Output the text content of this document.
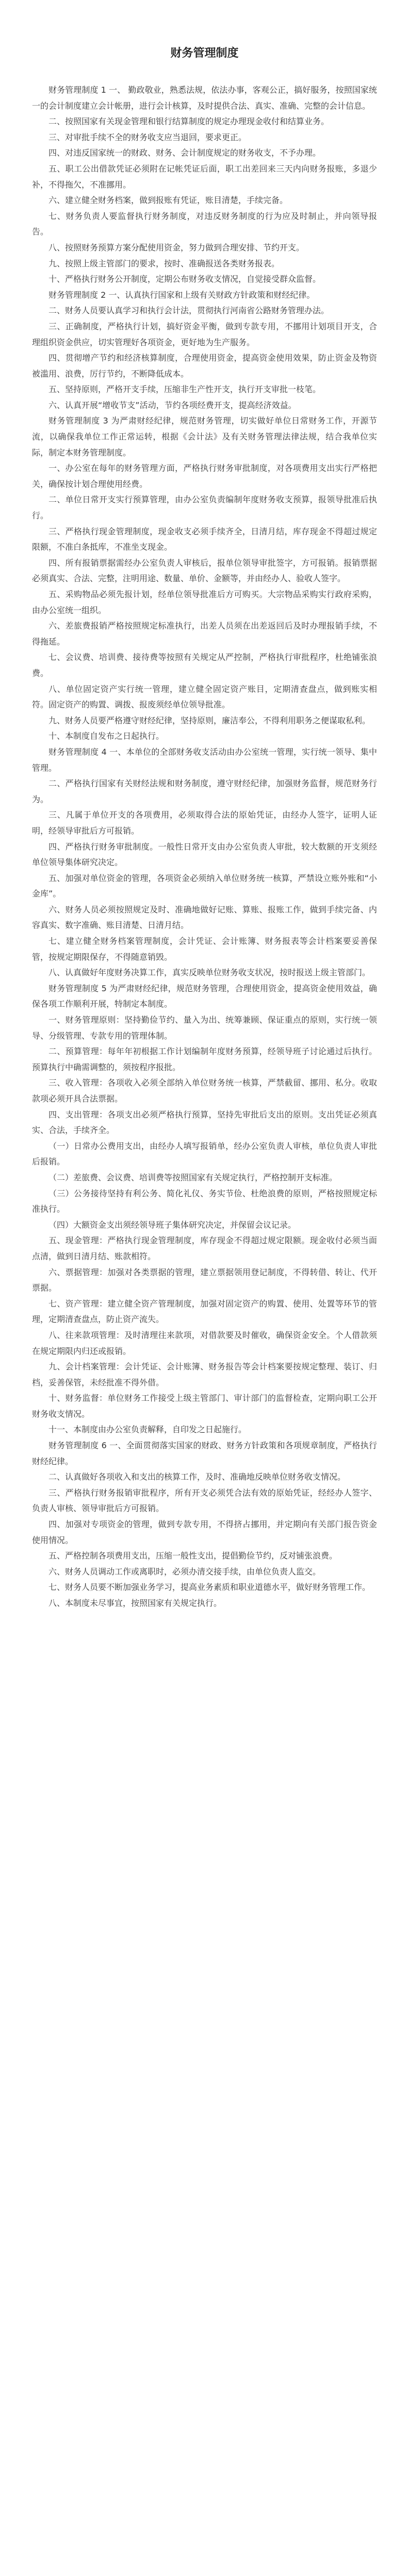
财务管理制度

财务管理制度 1 一、 勤政敬业，熟悉法规，依法办事，客观公正，搞好服务，按照国家统一的会计制度建立会计帐册，进行会计核算，及时提供合法、真实、准确、完整的会计信息。

二、按照国家有关现金管理和银行结算制度的规定办理现金收付和结算业务。

三、对审批手续不全的财务收支应当退回，要求更正。

四、对违反国家统一的财政、财务、会计制度规定的财务收支，不予办理。

五、职工公出借款凭证必须附在记帐凭证后面，职工出差回来三天内向财务报账，多退少补，不得拖欠，不准挪用。

六、建立健全财务档案，做到报账有凭证，账目清楚，手续完备。

七、财务负责人要监督执行财务制度，对违反财务制度的行为应及时制止，并向领导报告。

八、按照财务预算方案分配使用资金，努力做到合理安排、节约开支。

九、按照上级主管部门的要求，按时、准确报送各类财务报表。

十、严格执行财务公开制度，定期公布财务收支情况，自觉接受群众监督。

财务管理制度 2 一、认真执行国家和上级有关财政方针政策和财经纪律。

二、财务人员要认真学习和执行会计法，贯彻执行河南省公路财务管理办法。

三、正确制度，严格执行计划，搞好资金平衡，做到专款专用，不挪用计划项目开支，合理组织资金供应，切实管理好各项资金，更好地为生产服务。

四、贯彻增产节约和经济核算制度，合理使用资金，提高资金使用效果，防止资金及物资被滥用、浪费，厉行节约，不断降低成本。

五、坚持原则，严格开支手续，压缩非生产性开支，执行开支审批一枝笔。

六、认真开展“增收节支”活动，节约各项经费开支，提高经济效益。

财务管理制度 3 为严肃财经纪律，规范财务管理，切实做好单位日常财务工作，开源节流，以确保我单位工作正常运转，根据《会计法》及有关财务管理法律法规，结合我单位实际，制定本财务管理制度。

一、办公室在每年的财务管理方面，严格执行财务审批制度，对各项费用支出实行严格把关，确保按计划合理使用经费。

二、单位日常开支实行预算管理，由办公室负责编制年度财务收支预算，报领导批准后执行。

三、严格执行现金管理制度，现金收支必须手续齐全，日清月结，库存现金不得超过规定限额，不准白条抵库，不准坐支现金。

四、所有报销票据需经办公室负责人审核后，报单位领导审批签字，方可报销。报销票据必须真实、合法、完整，注明用途、数量、单价、金额等，并由经办人、验收人签字。

五、采购物品必须先报计划，经单位领导批准后方可购买。大宗物品采购实行政府采购，由办公室统一组织。

六、差旅费报销严格按照规定标准执行，出差人员须在出差返回后及时办理报销手续，不得拖延。

七、会议费、培训费、接待费等按照有关规定从严控制，严格执行审批程序，杜绝铺张浪费。

八、单位固定资产实行统一管理，建立健全固定资产账目，定期清查盘点，做到账实相符。固定资产的购置、调拨、报废须经单位领导批准。

九、财务人员要严格遵守财经纪律，坚持原则，廉洁奉公，不得利用职务之便谋取私利。

十、本制度自发布之日起执行。

财务管理制度 4 一、本单位的全部财务收支活动由办公室统一管理，实行统一领导、集中管理。

二、严格执行国家有关财经法规和财务制度，遵守财经纪律，加强财务监督，规范财务行为。

三、凡属于单位开支的各项费用，必须取得合法的原始凭证，由经办人签字，证明人证明，经领导审批后方可报销。

四、严格执行财务审批制度。一般性日常开支由办公室负责人审批，较大数额的开支须经单位领导集体研究决定。

五、加强对单位资金的管理，各项资金必须纳入单位财务统一核算，严禁设立账外账和“小金库”。

六、财务人员必须按照规定及时、准确地做好记账、算账、报账工作，做到手续完备、内容真实、数字准确、账目清楚、日清月结。

七、建立健全财务档案管理制度，会计凭证、会计账簿、财务报表等会计档案要妥善保管，按规定期限保存，不得随意销毁。

八、认真做好年度财务决算工作，真实反映单位财务收支状况，按时报送上级主管部门。

财务管理制度 5 为严肃财经纪律，规范财务管理，合理使用资金，提高资金使用效益，确保各项工作顺利开展，特制定本制度。

一、财务管理原则：坚持勤俭节约、量入为出、统筹兼顾、保证重点的原则，实行统一领导、分级管理、专款专用的管理体制。

二、预算管理：每年年初根据工作计划编制年度财务预算，经领导班子讨论通过后执行。预算执行中确需调整的，须按程序报批。

三、收入管理：各项收入必须全部纳入单位财务统一核算，严禁截留、挪用、私分。收取款项必须开具合法票据。

四、支出管理：各项支出必须严格执行预算，坚持先审批后支出的原则。支出凭证必须真实、合法，手续齐全。

（一）日常办公费用支出，由经办人填写报销单，经办公室负责人审核，单位负责人审批后报销。

（二）差旅费、会议费、培训费等按照国家有关规定执行，严格控制开支标准。

（三）公务接待坚持有利公务、简化礼仪、务实节俭、杜绝浪费的原则，严格按照规定标准执行。

（四）大额资金支出须经领导班子集体研究决定，并保留会议记录。

五、现金管理：严格执行现金管理制度，库存现金不得超过规定限额。现金收付必须当面点清，做到日清月结、账款相符。

六、票据管理：加强对各类票据的管理，建立票据领用登记制度，不得转借、转让、代开票据。

七、资产管理：建立健全资产管理制度，加强对固定资产的购置、使用、处置等环节的管理，定期清查盘点，防止资产流失。

八、往来款项管理：及时清理往来款项，对借款要及时催收，确保资金安全。个人借款须在规定期限内归还或报销。

九、会计档案管理：会计凭证、会计账簿、财务报告等会计档案要按规定整理、装订、归档，妥善保管，未经批准不得外借。

十、财务监督：单位财务工作接受上级主管部门、审计部门的监督检查，定期向职工公开财务收支情况。

十一、本制度由办公室负责解释，自印发之日起施行。

财务管理制度 6 一、全面贯彻落实国家的财政、财务方针政策和各项规章制度，严格执行财经纪律。

二、认真做好各项收入和支出的核算工作，及时、准确地反映单位财务收支情况。

三、严格执行财务报销审批程序，所有开支必须凭合法有效的原始凭证，经经办人签字、负责人审核、领导审批后方可报销。

四、加强对专项资金的管理，做到专款专用，不得挤占挪用，并定期向有关部门报告资金使用情况。

五、严格控制各项费用支出，压缩一般性支出，提倡勤俭节约，反对铺张浪费。

六、财务人员调动工作或离职时，必须办清交接手续，由单位负责人监交。

七、财务人员要不断加强业务学习，提高业务素质和职业道德水平，做好财务管理工作。

八、本制度未尽事宜，按照国家有关规定执行。
